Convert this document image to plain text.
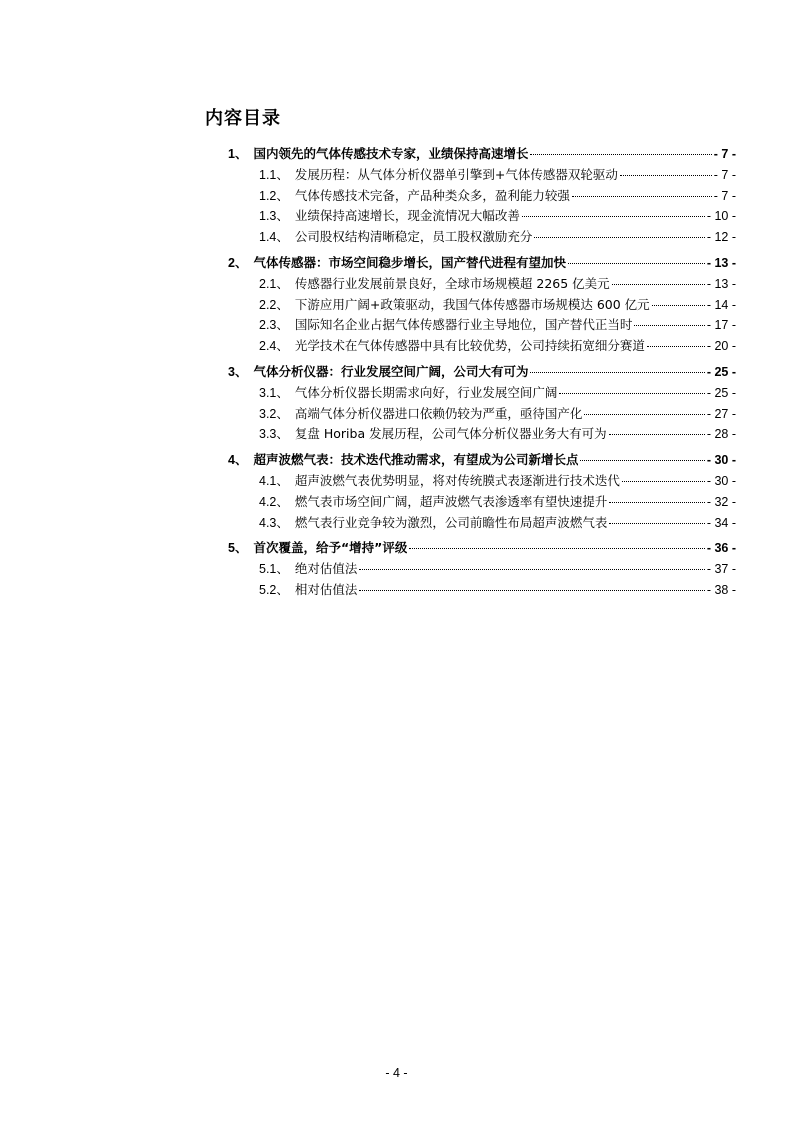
内容目录
1、 国内领先的气体传感技术专家，业绩保持高速增长	- 7 -
1.1、 发展历程：从气体分析仪器单引擎到+气体传感器双轮驱动	- 7 -
1.2、 气体传感技术完备，产品种类众多，盈利能力较强	- 7 -
1.3、 业绩保持高速增长，现金流情况大幅改善	- 10 -
1.4、 公司股权结构清晰稳定，员工股权激励充分	- 12 -
2、 气体传感器：市场空间稳步增长，国产替代进程有望加快	- 13 -
2.1、 传感器行业发展前景良好，全球市场规模超 2265 亿美元	- 13 -
2.2、 下游应用广阔+政策驱动，我国气体传感器市场规模达 600 亿元	- 14 -
2.3、 国际知名企业占据气体传感器行业主导地位，国产替代正当时	- 17 -
2.4、 光学技术在气体传感器中具有比较优势，公司持续拓宽细分赛道	- 20 -
3、 气体分析仪器：行业发展空间广阔，公司大有可为	- 25 -
3.1、 气体分析仪器长期需求向好，行业发展空间广阔	- 25 -
3.2、 高端气体分析仪器进口依赖仍较为严重，亟待国产化	- 27 -
3.3、 复盘 Horiba 发展历程，公司气体分析仪器业务大有可为	- 28 -
4、 超声波燃气表：技术迭代推动需求，有望成为公司新增长点	- 30 -
4.1、 超声波燃气表优势明显，将对传统膜式表逐渐进行技术迭代	- 30 -
4.2、 燃气表市场空间广阔，超声波燃气表渗透率有望快速提升	- 32 -
4.3、 燃气表行业竞争较为激烈，公司前瞻性布局超声波燃气表	- 34 -
5、 首次覆盖，给予“增持”评级	- 36 -
5.1、 绝对估值法	- 37 -
5.2、 相对估值法	- 38 -
- 4 -
